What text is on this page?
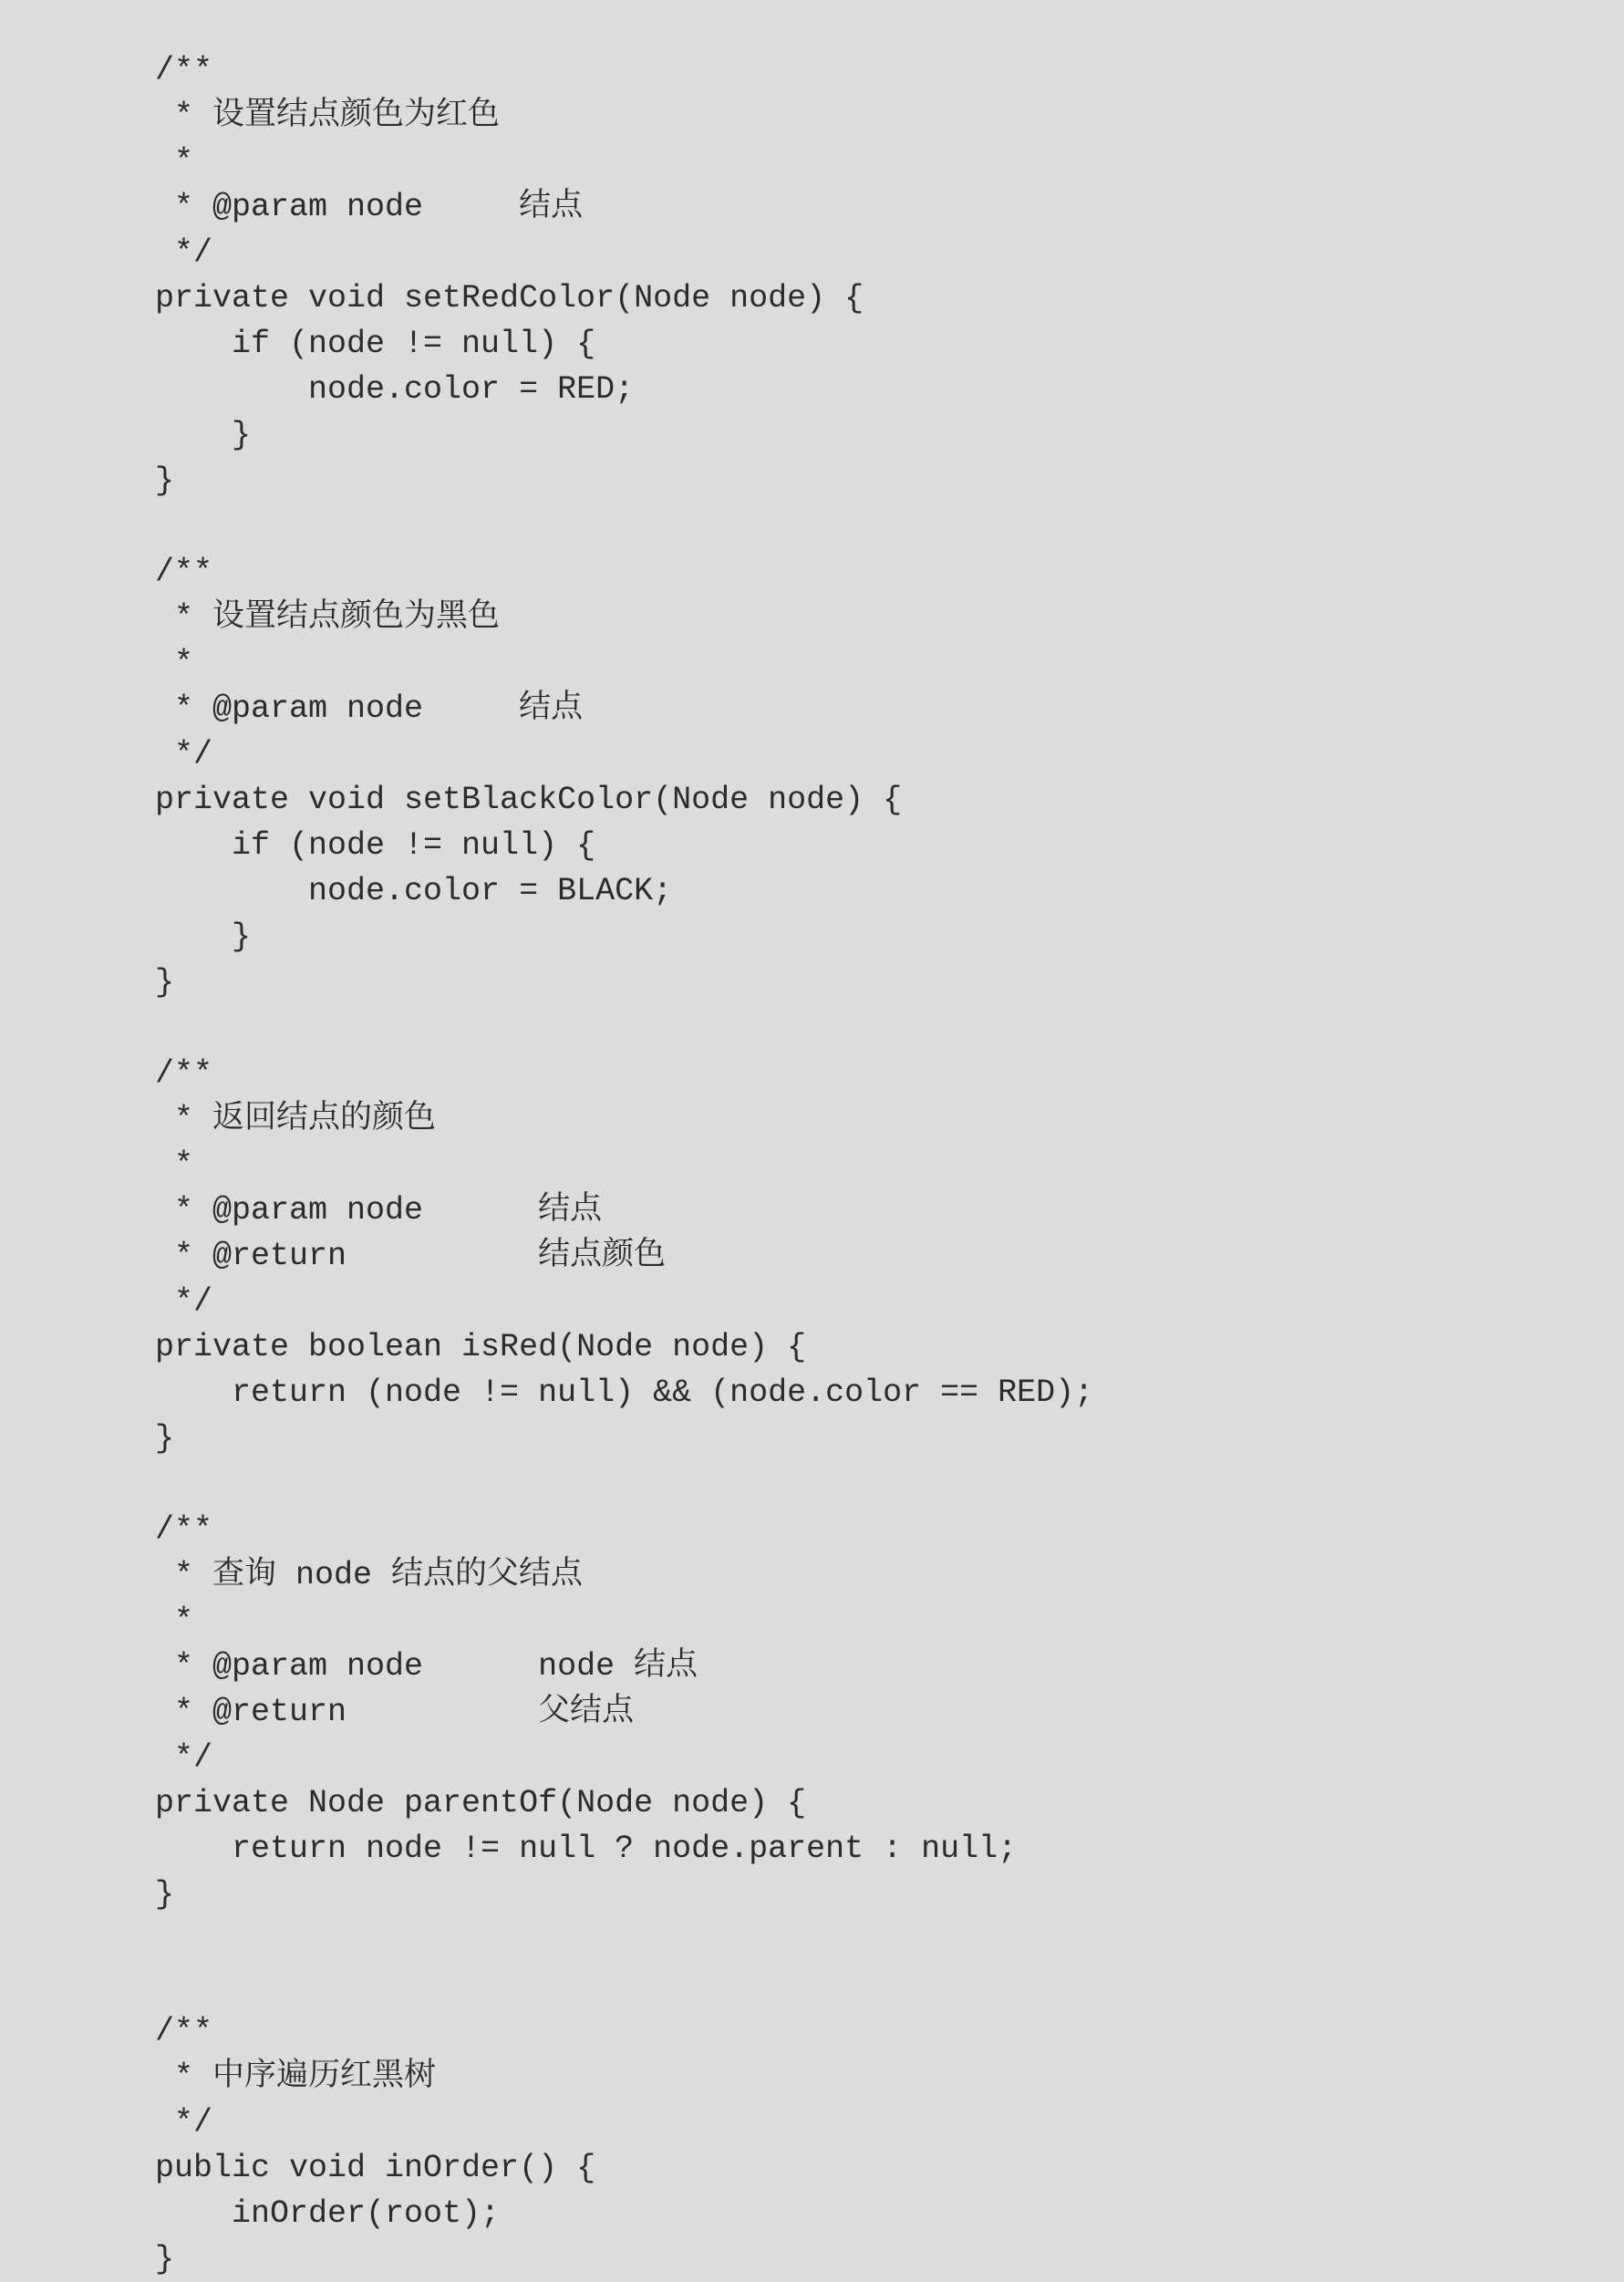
/**
* 设置结点颜色为红色
*
* @param node     结点
*/
private void setRedColor(Node node) {
if (node != null) {
node.color = RED;
}
}
/**
* 设置结点颜色为黑色
*
* @param node     结点
*/
private void setBlackColor(Node node) {
if (node != null) {
node.color = BLACK;
}
}
/**
* 返回结点的颜色
*
* @param node      结点
* @return          结点颜色
*/
private boolean isRed(Node node) {
return (node != null) && (node.color == RED);
}
/**
* 查询 node 结点的父结点
*
* @param node      node 结点
* @return          父结点
*/
private Node parentOf(Node node) {
return node != null ? node.parent : null;
}
/**
* 中序遍历红黑树
*/
public void inOrder() {
inOrder(root);
}
